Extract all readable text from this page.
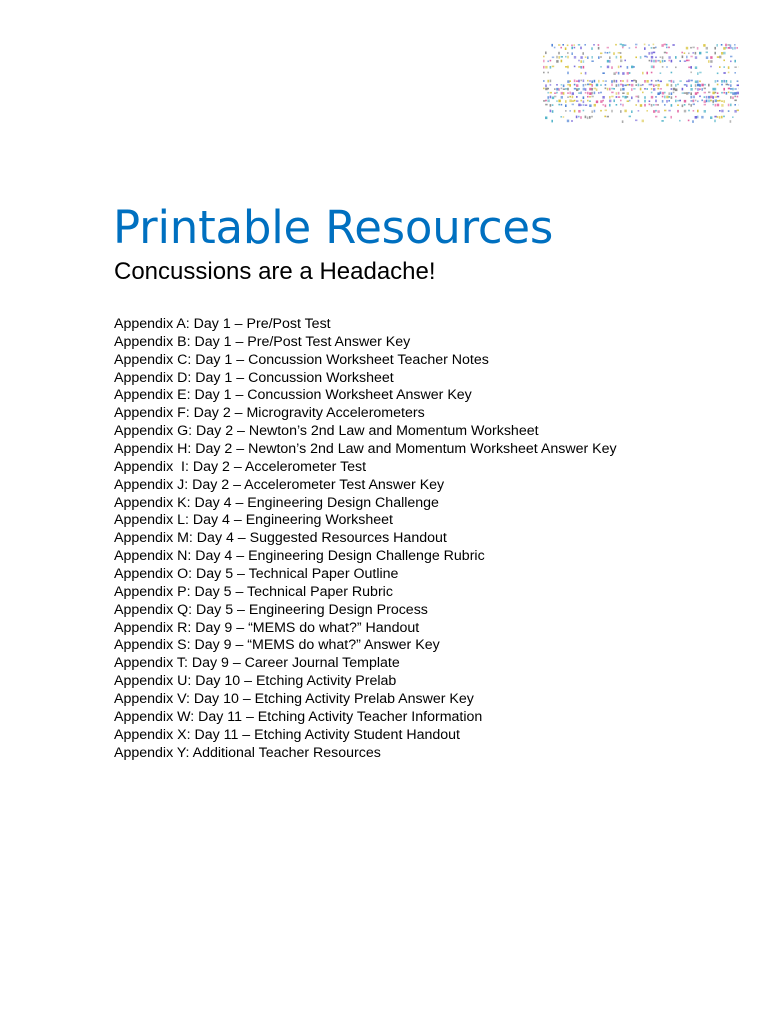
Printable Resources
Concussions are a Headache!
Appendix A: Day 1 – Pre/Post Test
Appendix B: Day 1 – Pre/Post Test Answer Key
Appendix C: Day 1 – Concussion Worksheet Teacher Notes
Appendix D: Day 1 – Concussion Worksheet
Appendix E: Day 1 – Concussion Worksheet Answer Key
Appendix F: Day 2 – Microgravity Accelerometers
Appendix G: Day 2 – Newton’s 2nd Law and Momentum Worksheet
Appendix H: Day 2 – Newton’s 2nd Law and Momentum Worksheet Answer Key
Appendix  I: Day 2 – Accelerometer Test
Appendix J: Day 2 – Accelerometer Test Answer Key
Appendix K: Day 4 – Engineering Design Challenge
Appendix L: Day 4 – Engineering Worksheet
Appendix M: Day 4 – Suggested Resources Handout
Appendix N: Day 4 – Engineering Design Challenge Rubric
Appendix O: Day 5 – Technical Paper Outline
Appendix P: Day 5 – Technical Paper Rubric
Appendix Q: Day 5 – Engineering Design Process
Appendix R: Day 9 – “MEMS do what?” Handout
Appendix S: Day 9 – “MEMS do what?” Answer Key
Appendix T: Day 9 – Career Journal Template
Appendix U: Day 10 – Etching Activity Prelab
Appendix V: Day 10 – Etching Activity Prelab Answer Key
Appendix W: Day 11 – Etching Activity Teacher Information
Appendix X: Day 11 – Etching Activity Student Handout
Appendix Y: Additional Teacher Resources
